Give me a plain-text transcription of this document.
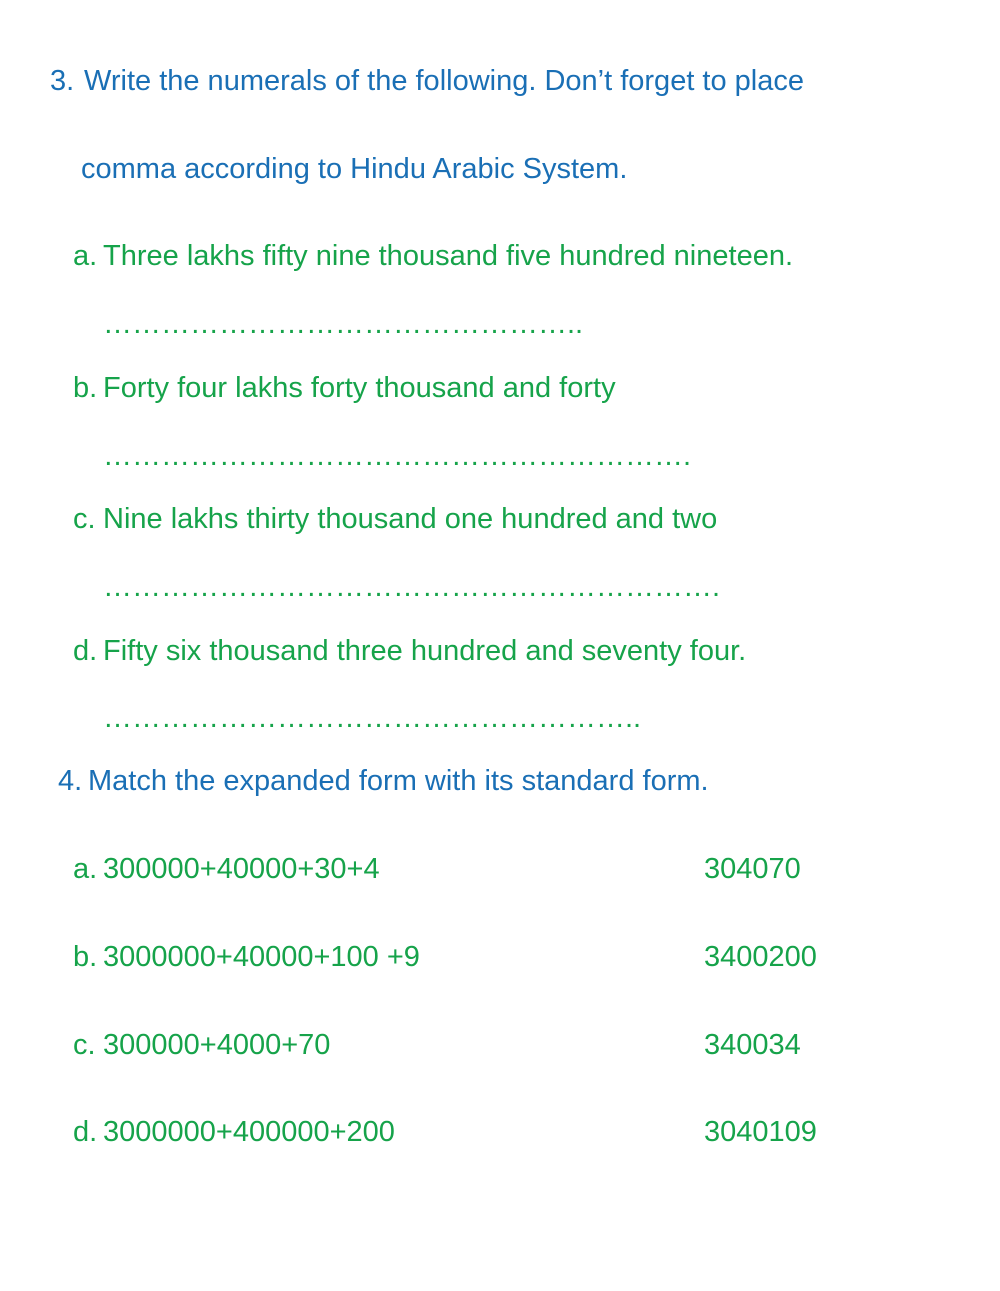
3. Write the numerals of the following. Don’t forget to place
comma according to Hindu Arabic System.
a. Three lakhs fifty nine thousand five hundred nineteen.
…………………………………………..
b. Forty four lakhs forty thousand and forty
…………………………………………………….
c. Nine lakhs thirty thousand one hundred and two
……………………………………………………….
d. Fifty six thousand three hundred and seventy four.
………………………………………………..
4. Match the expanded form with its standard form.
a. 300000+40000+30+4	304070
b. 3000000+40000+100 +9	3400200
c. 300000+4000+70	340034
d. 3000000+400000+200	3040109
